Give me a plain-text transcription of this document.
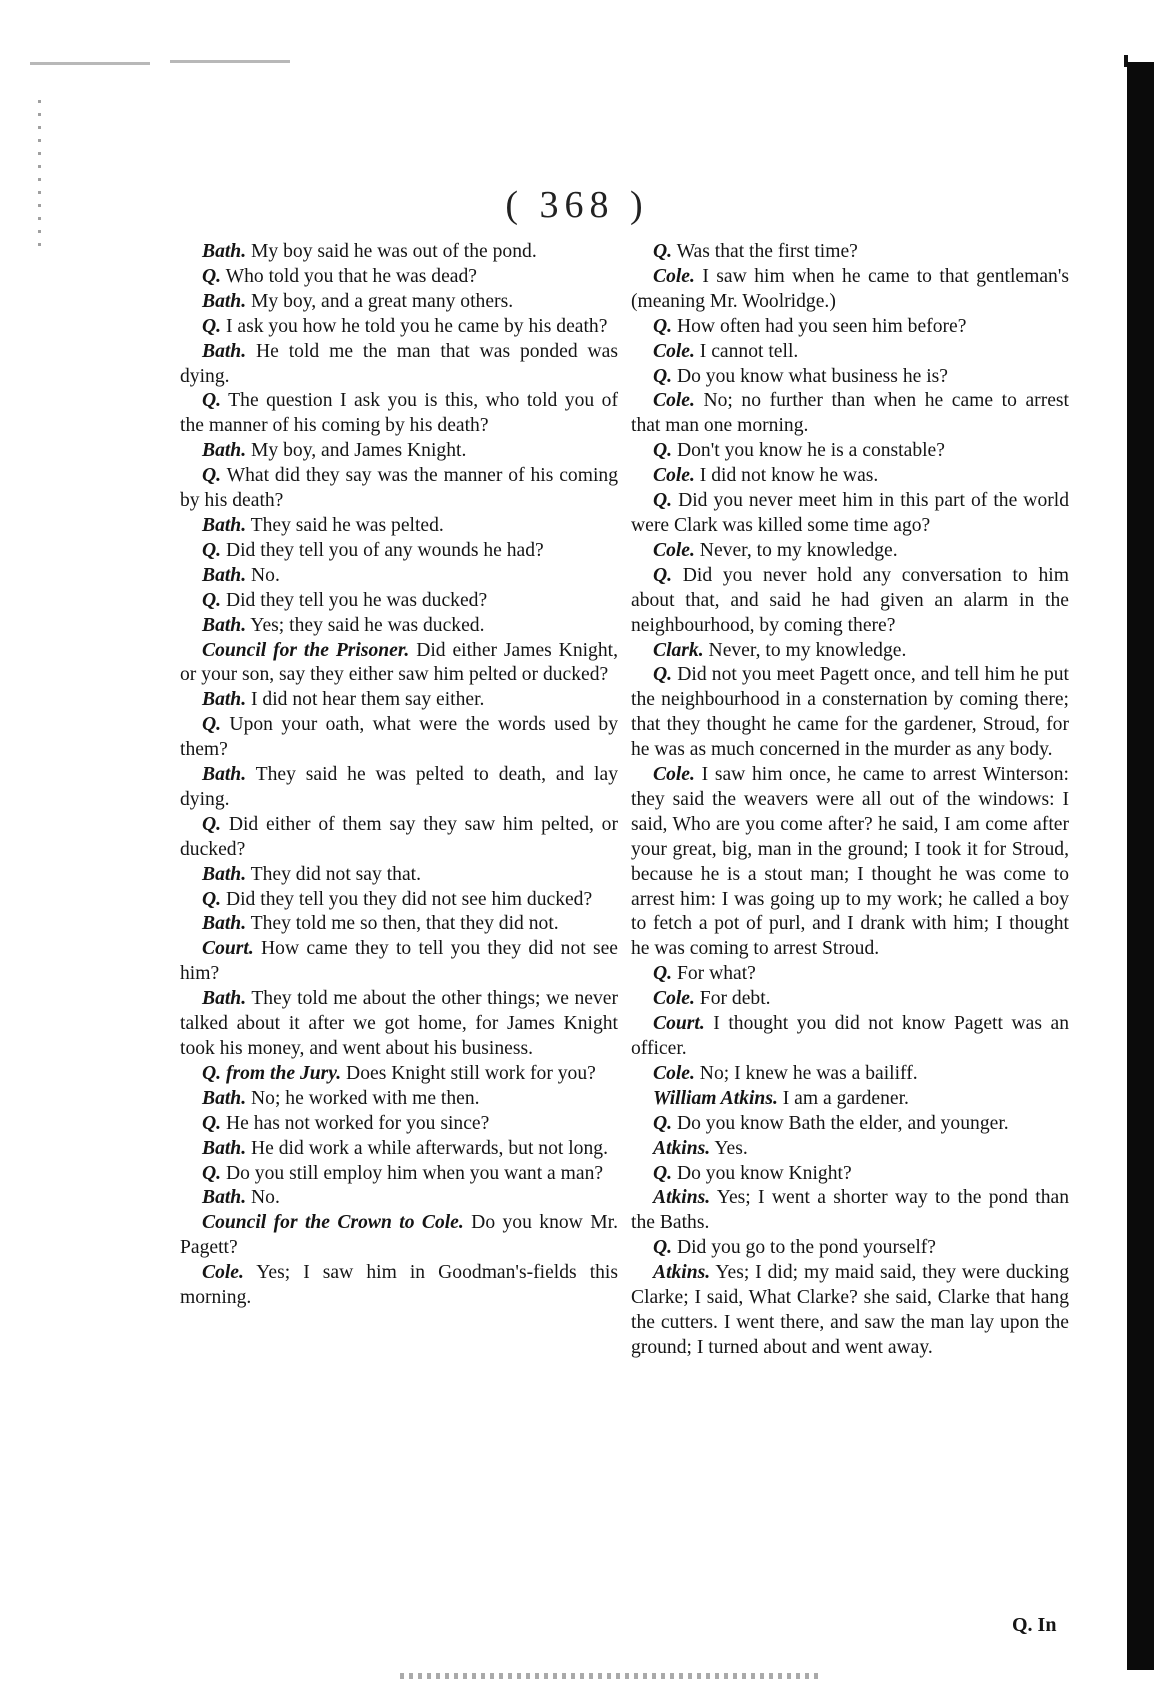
( 368 )

Bath. My boy said he was out of the pond.

Q. Who told you that he was dead?

Bath. My boy, and a great many others.

Q. I ask you how he told you he came by his death?

Bath. He told me the man that was ponded was dying.

Q. The question I ask you is this, who told you of the manner of his coming by his death?

Bath. My boy, and James Knight.

Q. What did they say was the manner of his coming by his death?

Bath. They said he was pelted.

Q. Did they tell you of any wounds he had?

Bath. No.

Q. Did they tell you he was ducked?

Bath. Yes; they said he was ducked.

Council for the Prisoner. Did either James Knight, or your son, say they either saw him pelted or ducked?

Bath. I did not hear them say either.

Q. Upon your oath, what were the words used by them?

Bath. They said he was pelted to death, and lay dying.

Q. Did either of them say they saw him pelted, or ducked?

Bath. They did not say that.

Q. Did they tell you they did not see him ducked?

Bath. They told me so then, that they did not.

Court. How came they to tell you they did not see him?

Bath. They told me about the other things; we never talked about it after we got home, for James Knight took his money, and went about his business.

Q. from the Jury. Does Knight still work for you?

Bath. No; he worked with me then.

Q. He has not worked for you since?

Bath. He did work a while afterwards, but not long.

Q. Do you still employ him when you want a man?

Bath. No.

Council for the Crown to Cole. Do you know Mr. Pagett?

Cole. Yes; I saw him in Goodman's-fields this morning.

Q. Was that the first time?

Cole. I saw him when he came to that gentleman's (meaning Mr. Woolridge.)

Q. How often had you seen him before?

Cole. I cannot tell.

Q. Do you know what business he is?

Cole. No; no further than when he came to arrest that man one morning.

Q. Don't you know he is a constable?

Cole. I did not know he was.

Q. Did you never meet him in this part of the world were Clark was killed some time ago?

Cole. Never, to my knowledge.

Q. Did you never hold any conversation to him about that, and said he had given an alarm in the neighbourhood, by coming there?

Clark. Never, to my knowledge.

Q. Did not you meet Pagett once, and tell him he put the neighbourhood in a consternation by coming there; that they thought he came for the gardener, Stroud, for he was as much concerned in the murder as any body.

Cole. I saw him once, he came to arrest Winterson: they said the weavers were all out of the windows: I said, Who are you come after? he said, I am come after your great, big, man in the ground; I took it for Stroud, because he is a stout man; I thought he was come to arrest him: I was going up to my work; he called a boy to fetch a pot of purl, and I drank with him; I thought he was coming to arrest Stroud.

Q. For what?

Cole. For debt.

Court. I thought you did not know Pagett was an officer.

Cole. No; I knew he was a bailiff.

William Atkins. I am a gardener.

Q. Do you know Bath the elder, and younger.

Atkins. Yes.

Q. Do you know Knight?

Atkins. Yes; I went a shorter way to the pond than the Baths.

Q. Did you go to the pond yourself?

Atkins. Yes; I did; my maid said, they were ducking Clarke; I said, What Clarke? she said, Clarke that hang the cutters. I went there, and saw the man lay upon the ground; I turned about and went away.

Q. In
